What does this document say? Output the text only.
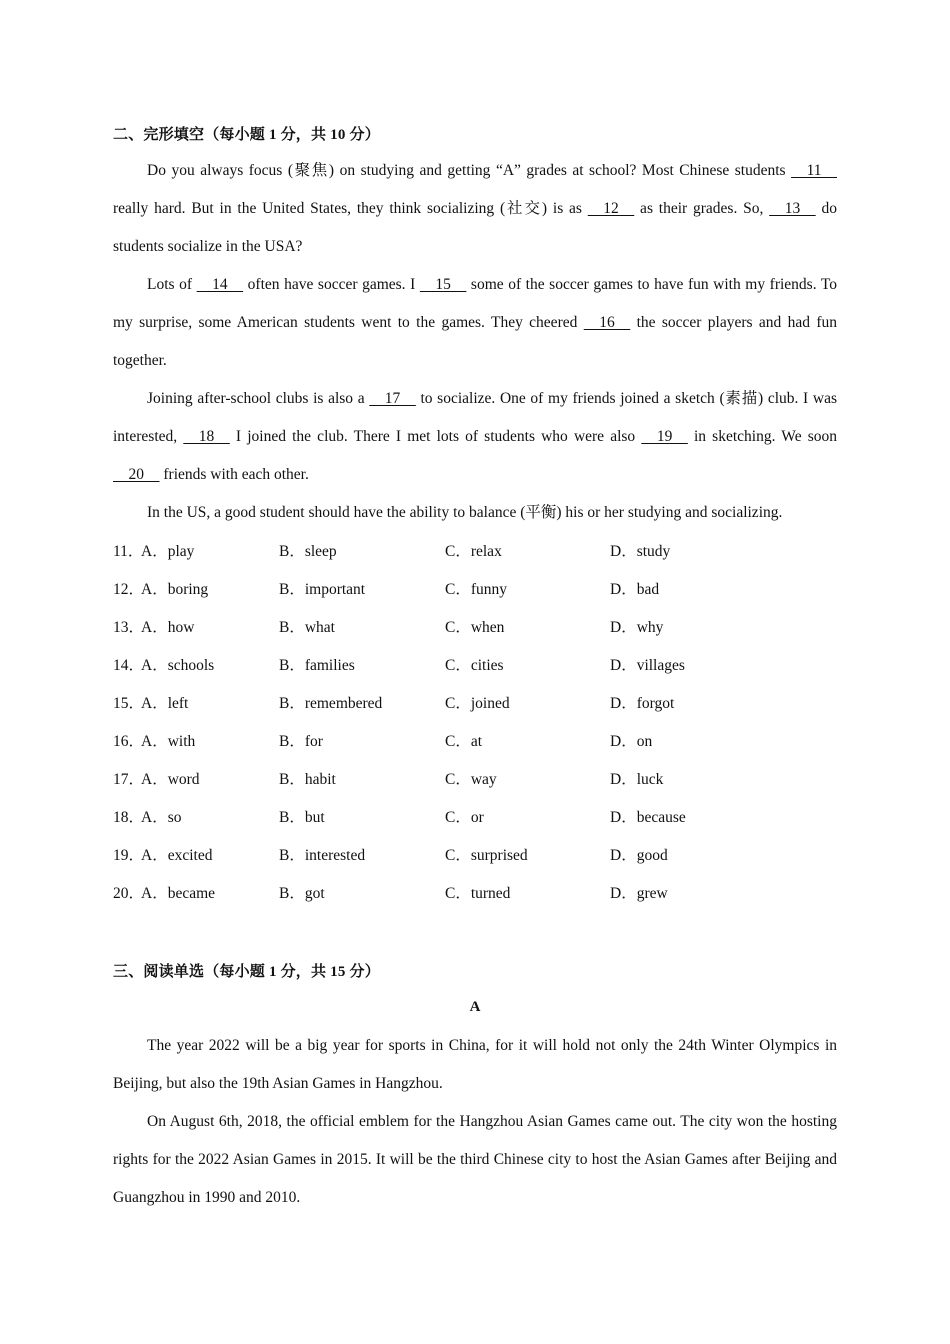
二、完形填空（每小题 1 分，共 10 分）

Do you always focus (聚焦) on studying and getting “A” grades at school? Most Chinese students     11     really hard. But in the United States, they think socializing (社交) is as     12     as their grades. So,     13     do students socialize in the USA?

Lots of     14     often have soccer games. I     15     some of the soccer games to have fun with my friends. To my surprise, some American students went to the games. They cheered     16     the soccer players and had fun together.

Joining after-school clubs is also a     17     to socialize. One of my friends joined a sketch (素描) club. I was interested,     18     I joined the club. There I met lots of students who were also     19     in sketching. We soon     20     friends with each other.

In the US, a good student should have the ability to balance (平衡) his or her studying and socializing.

11．
A．play	B．sleep	C．relax	D．study
12．
A．boring	B．important	C．funny	D．bad
13．
A．how	B．what	C．when	D．why
14．
A．schools	B．families	C．cities	D．villages
15．
A．left	B．remembered	C．joined	D．forgot
16．
A．with	B．for	C．at	D．on
17．
A．word	B．habit	C．way	D．luck
18．
A．so	B．but	C．or	D．because
19．
A．excited	B．interested	C．surprised	D．good
20．
A．became	B．got	C．turned	D．grew
三、阅读单选（每小题 1 分，共 15 分）
A

The year 2022 will be a big year for sports in China, for it will hold not only the 24th Winter Olympics in Beijing, but also the 19th Asian Games in Hangzhou.

On August 6th, 2018, the official emblem for the Hangzhou Asian Games came out. The city won the hosting rights for the 2022 Asian Games in 2015. It will be the third Chinese city to host the Asian Games after Beijing and Guangzhou in 1990 and 2010.
